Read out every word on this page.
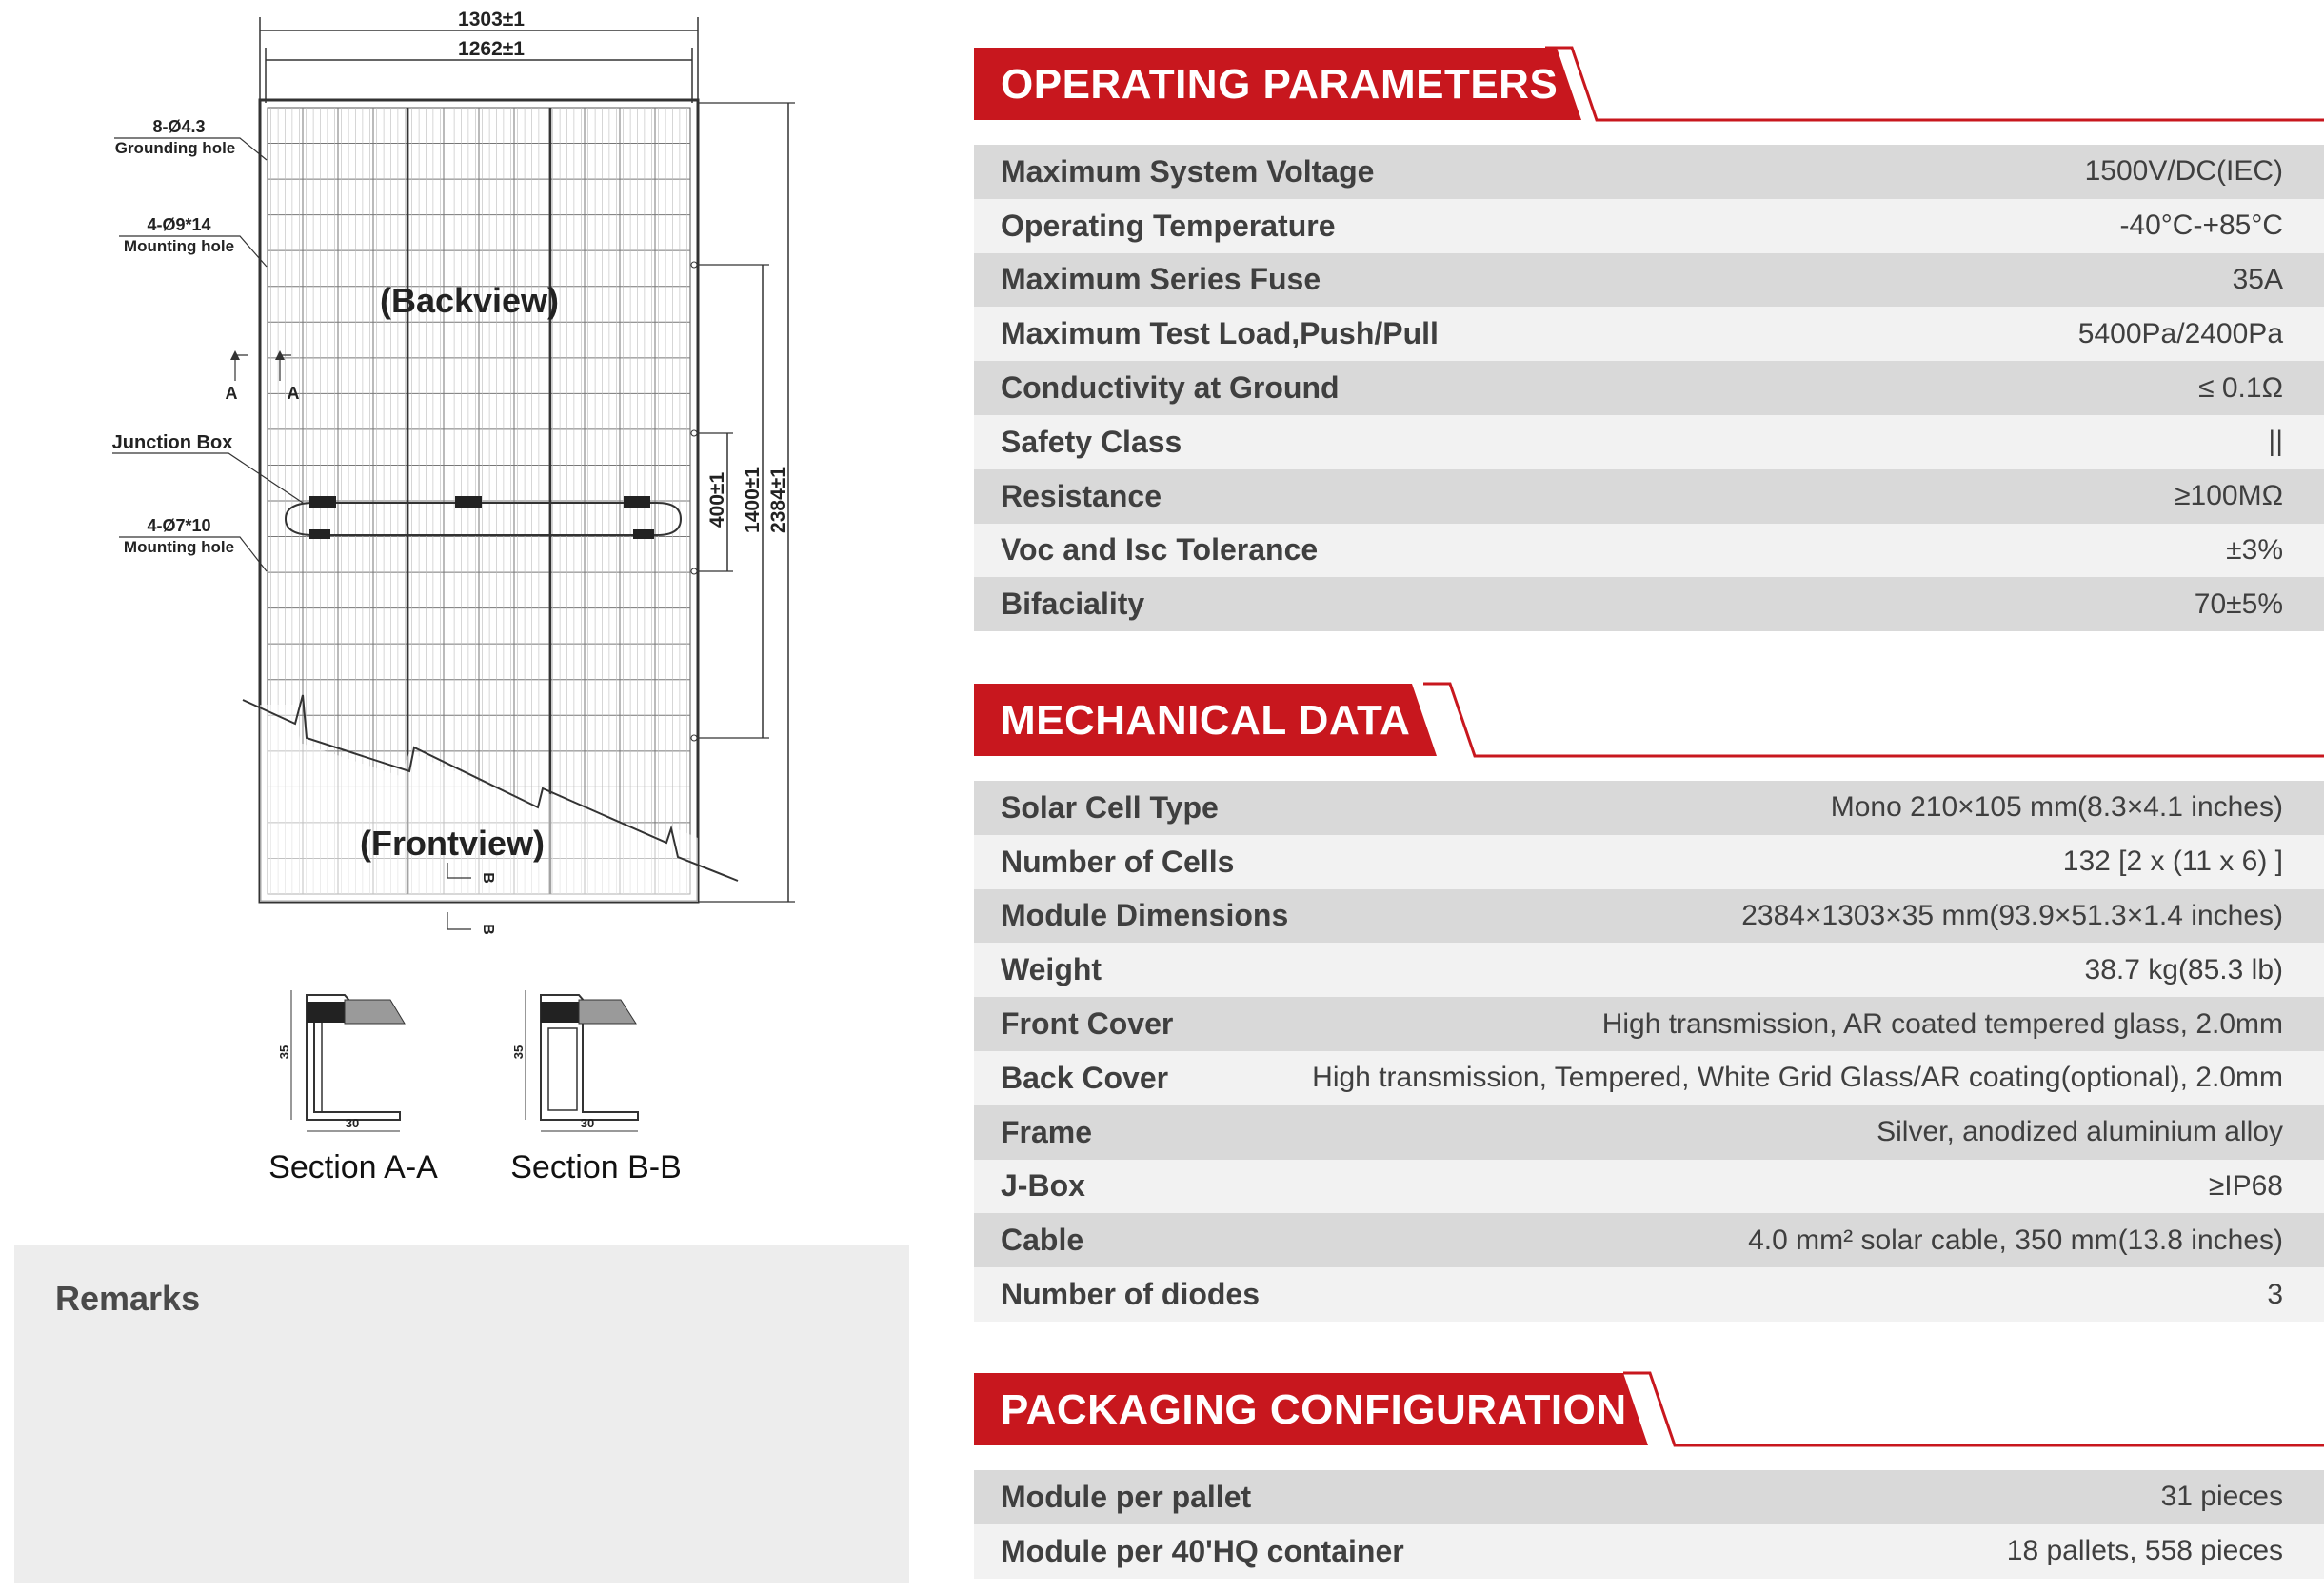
1303±1
1262±1
400±1 1400±1 2384±1
8-Ø4.3
Grounding hole
4-Ø9*14
Mounting hole
Junction Box
4-Ø7*10
Mounting hole
A	A
(Backview)
(Frontview)
B
B
35
30
Section A-A
35
30
Section B-B
Remarks
OPERATING PARAMETERS
Maximum System Voltage	1500V/DC(IEC)
Operating Temperature	-40°C-+85°C
Maximum Series Fuse	35A
Maximum Test Load,Push/Pull	5400Pa/2400Pa
Conductivity at Ground	≤ 0.1Ω
Safety Class	||
Resistance	≥100MΩ
Voc and Isc Tolerance	±3%
Bifaciality	70±5%
MECHANICAL DATA
Solar Cell Type	Mono 210×105 mm(8.3×4.1 inches)
Number of Cells	132 [2 x (11 x 6) ]
Module Dimensions	2384×1303×35 mm(93.9×51.3×1.4 inches)
Weight	38.7 kg(85.3 lb)
Front Cover	High transmission, AR coated tempered glass, 2.0mm
Back Cover	High transmission, Tempered, White Grid Glass/AR coating(optional), 2.0mm
Frame	Silver, anodized aluminium alloy
J-Box	≥IP68
Cable	4.0 mm² solar cable, 350 mm(13.8 inches)
Number of diodes	3
PACKAGING CONFIGURATION
Module per pallet	31 pieces
Module per 40'HQ container	18 pallets, 558 pieces
